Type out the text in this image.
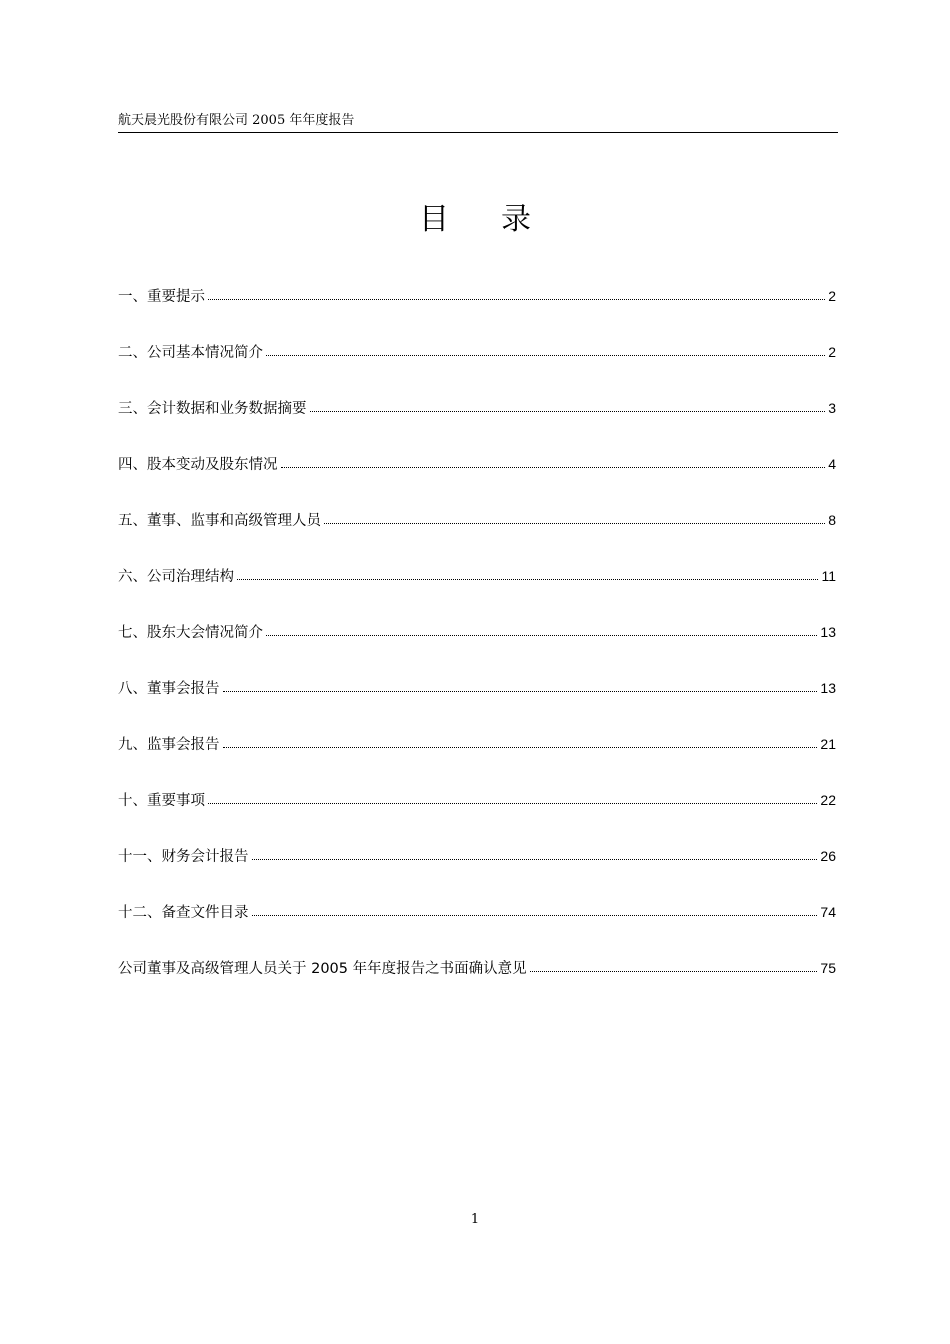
航天晨光股份有限公司 2005 年年度报告
目录
一、重要提示	2
二、公司基本情况简介	2
三、会计数据和业务数据摘要	3
四、股本变动及股东情况	4
五、董事、监事和高级管理人员	8
六、公司治理结构	11
七、股东大会情况简介	13
八、董事会报告	13
九、监事会报告	21
十、重要事项	22
十一、财务会计报告	26
十二、备查文件目录	74
公司董事及高级管理人员关于 2005 年年度报告之书面确认意见	75
1
